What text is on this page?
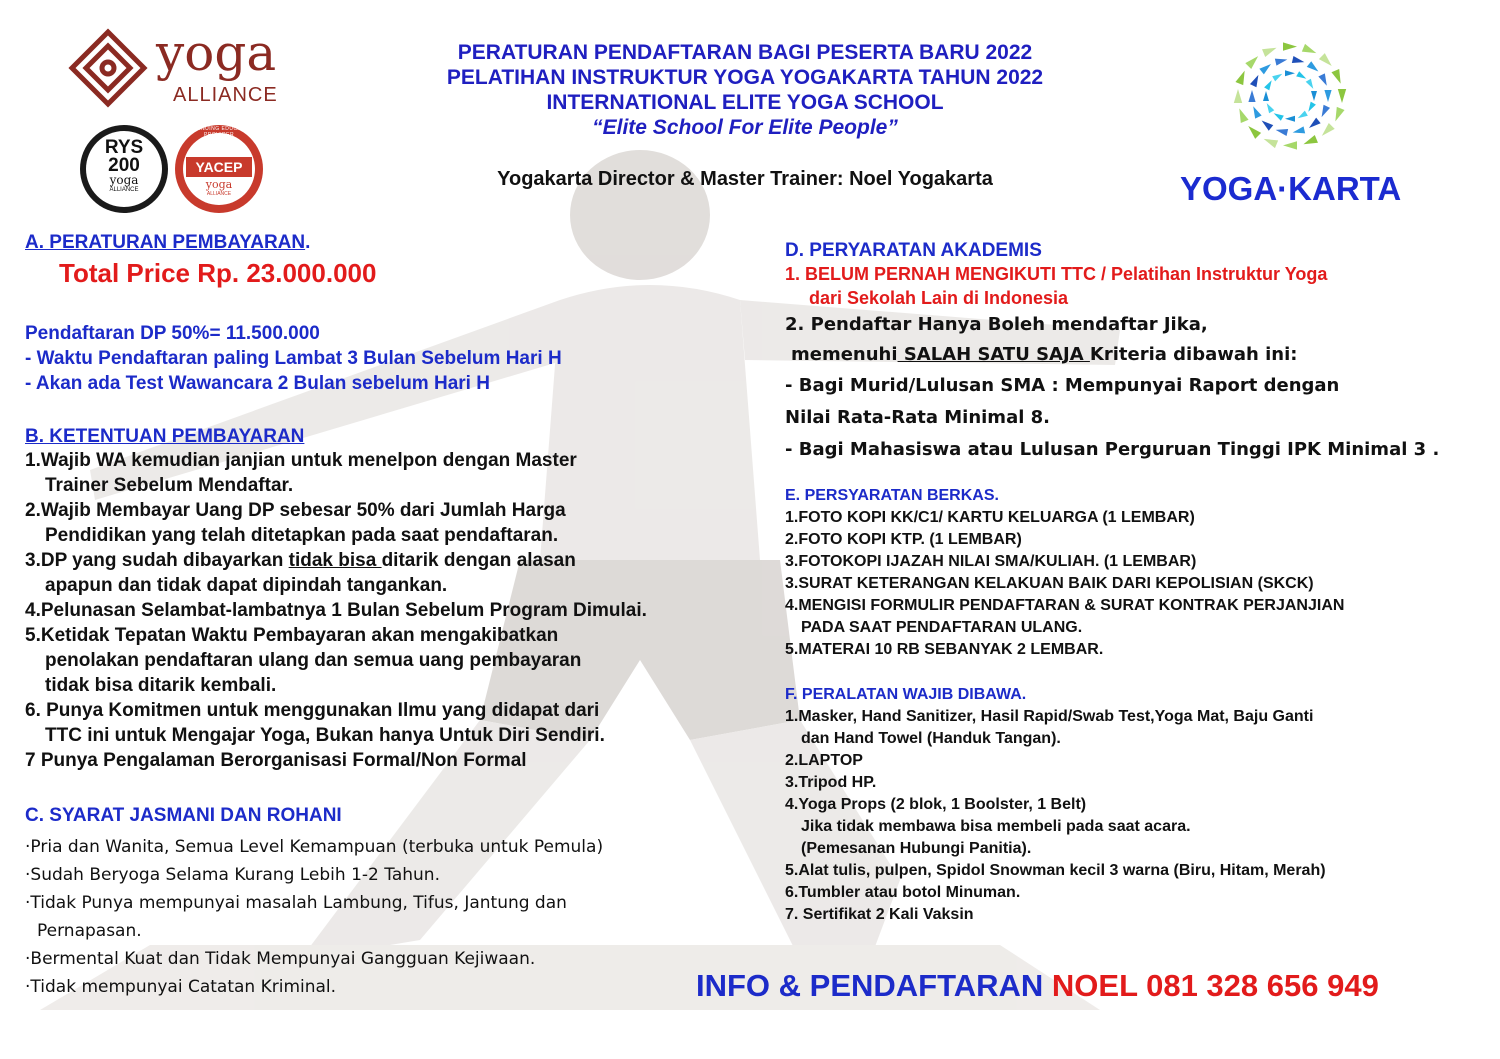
yoga
ALLIANCE
RYS
200
yoga
ALLIANCE
YACEP
yoga
ALLIANCE
CONTINUING EDUCATION PROVIDER
PERATURAN PENDAFTARAN BAGI PESERTA BARU 2022
PELATIHAN INSTRUKTUR YOGA YOGAKARTA TAHUN 2022
INTERNATIONAL ELITE YOGA SCHOOL
“Elite School For Elite People”
Yogakarta Director & Master Trainer: Noel Yogakarta	YOGA·KARTA
A. PERATURAN PEMBAYARAN.
Total Price Rp. 23.000.000
Pendaftaran DP 50%= 11.500.000
- Waktu Pendaftaran paling Lambat 3 Bulan Sebelum Hari H
- Akan ada Test Wawancara 2 Bulan sebelum Hari H
B. KETENTUAN PEMBAYARAN
1.Wajib WA kemudian janjian untuk menelpon dengan Master
Trainer Sebelum Mendaftar.
2.Wajib Membayar Uang DP sebesar 50% dari Jumlah Harga
Pendidikan yang telah ditetapkan pada saat pendaftaran.
3.DP yang sudah dibayarkan tidak bisa ditarik dengan alasan
apapun dan tidak dapat dipindah tangankan.
4.Pelunasan Selambat-lambatnya 1 Bulan Sebelum Program Dimulai.
5.Ketidak Tepatan Waktu Pembayaran akan mengakibatkan
penolakan pendaftaran ulang dan semua uang pembayaran
tidak bisa ditarik kembali.
6. Punya Komitmen untuk menggunakan Ilmu yang didapat dari
TTC ini untuk Mengajar Yoga, Bukan hanya Untuk Diri Sendiri.
7 Punya Pengalaman Berorganisasi Formal/Non Formal
C. SYARAT JASMANI DAN ROHANI
·Pria dan Wanita, Semua Level Kemampuan (terbuka untuk Pemula)
·Sudah Beryoga Selama Kurang Lebih 1-2 Tahun.
·Tidak Punya mempunyai masalah Lambung, Tifus, Jantung dan
Pernapasan.
·Bermental Kuat dan Tidak Mempunyai Gangguan Kejiwaan.
·Tidak mempunyai Catatan Kriminal.
D. PERYARATAN AKADEMIS
1. BELUM PERNAH MENGIKUTI TTC / Pelatihan Instruktur Yoga
dari Sekolah Lain di Indonesia
2. Pendaftar Hanya Boleh mendaftar Jika,
memenuhi SALAH SATU SAJA Kriteria dibawah ini:
- Bagi Murid/Lulusan SMA : Mempunyai Raport dengan
Nilai Rata-Rata Minimal 8.
- Bagi Mahasiswa atau Lulusan Perguruan Tinggi IPK Minimal 3 .
E. PERSYARATAN BERKAS.
1.FOTO KOPI KK/C1/ KARTU KELUARGA (1 LEMBAR)
2.FOTO KOPI KTP. (1 LEMBAR)
3.FOTOKOPI IJAZAH NILAI SMA/KULIAH. (1 LEMBAR)
3.SURAT KETERANGAN KELAKUAN BAIK DARI KEPOLISIAN (SKCK)
4.MENGISI FORMULIR PENDAFTARAN & SURAT KONTRAK PERJANJIAN
PADA SAAT PENDAFTARAN ULANG.
5.MATERAI 10 RB SEBANYAK 2 LEMBAR.
F. PERALATAN WAJIB DIBAWA.
1.Masker, Hand Sanitizer, Hasil Rapid/Swab Test,Yoga Mat, Baju Ganti
dan Hand Towel (Handuk Tangan).
2.LAPTOP
3.Tripod HP.
4.Yoga Props (2 blok, 1 Boolster, 1 Belt)
Jika tidak membawa bisa membeli pada saat acara.
(Pemesanan Hubungi Panitia).
5.Alat tulis, pulpen, Spidol Snowman kecil 3 warna (Biru, Hitam, Merah)
6.Tumbler atau botol Minuman.
7. Sertifikat 2 Kali Vaksin
INFO & PENDAFTARAN NOEL 081 328 656 949
